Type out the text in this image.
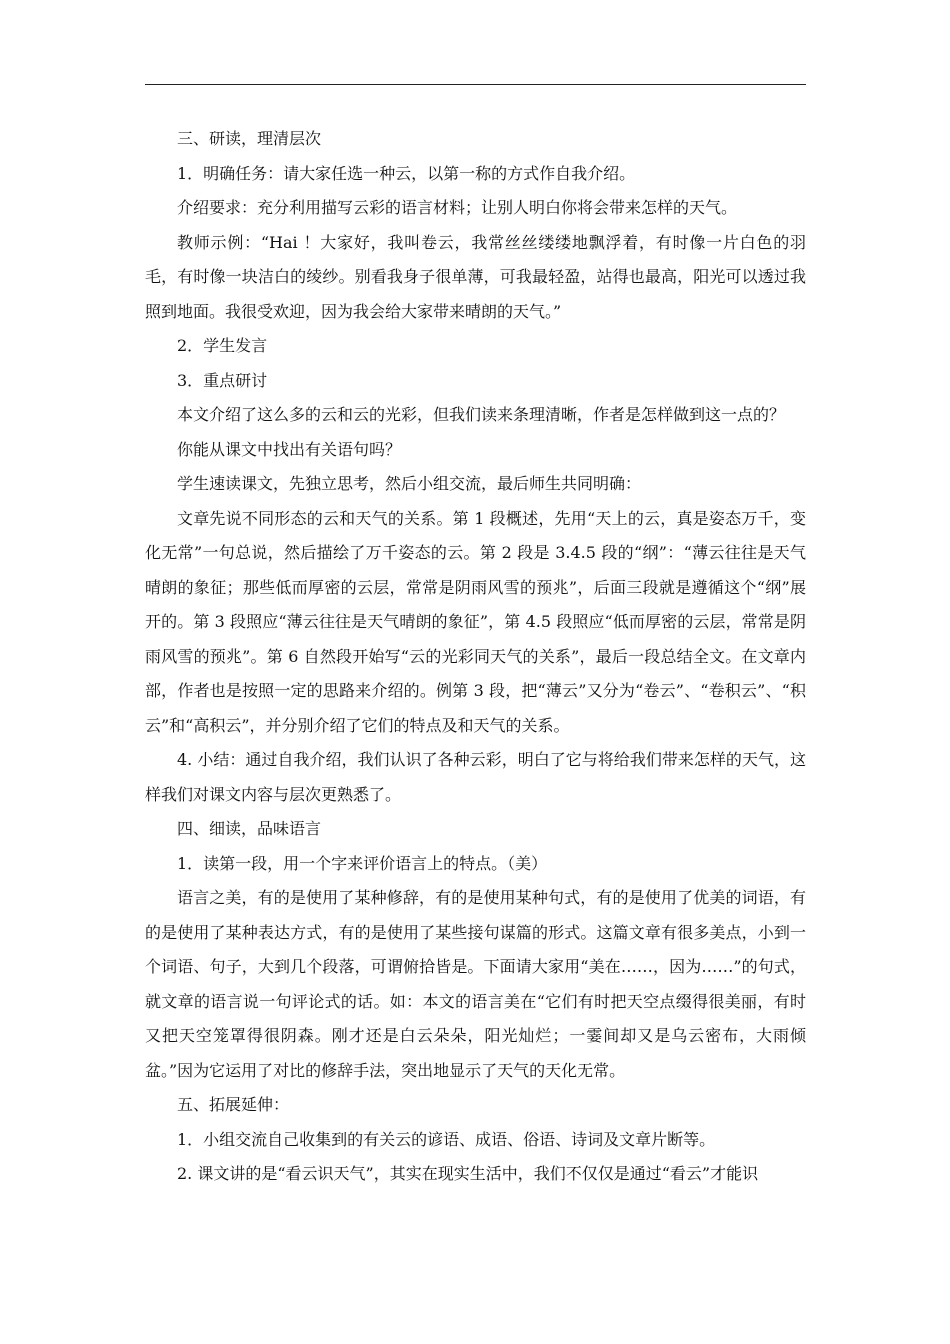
三、研读，理清层次

1．明确任务：请大家任选一种云，以第一称的方式作自我介绍。

介绍要求：充分利用描写云彩的语言材料；让别人明白你将会带来怎样的天气。

教师示例：“Hai ！大家好，我叫卷云，我常丝丝缕缕地飘浮着，有时像一片白色的羽毛，有时像一块洁白的绫纱。别看我身子很单薄，可我最轻盈，站得也最高，阳光可以透过我照到地面。我很受欢迎，因为我会给大家带来晴朗的天气。”

2．学生发言

3．重点研讨

本文介绍了这么多的云和云的光彩，但我们读来条理清晰，作者是怎样做到这一点的？

你能从课文中找出有关语句吗？

学生速读课文，先独立思考，然后小组交流，最后师生共同明确：

文章先说不同形态的云和天气的关系。第 1 段概述，先用“天上的云，真是姿态万千，变化无常”一句总说，然后描绘了万千姿态的云。第 2 段是 3.4.5 段的“纲”：“薄云往往是天气晴朗的象征；那些低而厚密的云层，常常是阴雨风雪的预兆”，后面三段就是遵循这个“纲”展开的。第 3 段照应“薄云往往是天气晴朗的象征”，第 4.5 段照应“低而厚密的云层，常常是阴雨风雪的预兆”。第 6 自然段开始写“云的光彩同天气的关系”，最后一段总结全文。在文章内部，作者也是按照一定的思路来介绍的。例第 3 段，把“薄云”又分为“卷云”、“卷积云”、“积云”和“高积云”，并分别介绍了它们的特点及和天气的关系。

4. 小结：通过自我介绍，我们认识了各种云彩，明白了它与将给我们带来怎样的天气，这样我们对课文内容与层次更熟悉了。

四、细读，品味语言

1．读第一段，用一个字来评价语言上的特点。（美）

语言之美，有的是使用了某种修辞，有的是使用某种句式，有的是使用了优美的词语，有的是使用了某种表达方式，有的是使用了某些接句谋篇的形式。这篇文章有很多美点，小到一个词语、句子，大到几个段落，可谓俯拾皆是。下面请大家用“美在……，因为……”的句式，就文章的语言说一句评论式的话。如：本文的语言美在“它们有时把天空点缀得很美丽，有时又把天空笼罩得很阴森。刚才还是白云朵朵，阳光灿烂；一霎间却又是乌云密布，大雨倾盆。”因为它运用了对比的修辞手法，突出地显示了天气的天化无常。

五、拓展延伸：

1．小组交流自己收集到的有关云的谚语、成语、俗语、诗词及文章片断等。

2. 课文讲的是“看云识天气”，其实在现实生活中，我们不仅仅是通过“看云”才能识
